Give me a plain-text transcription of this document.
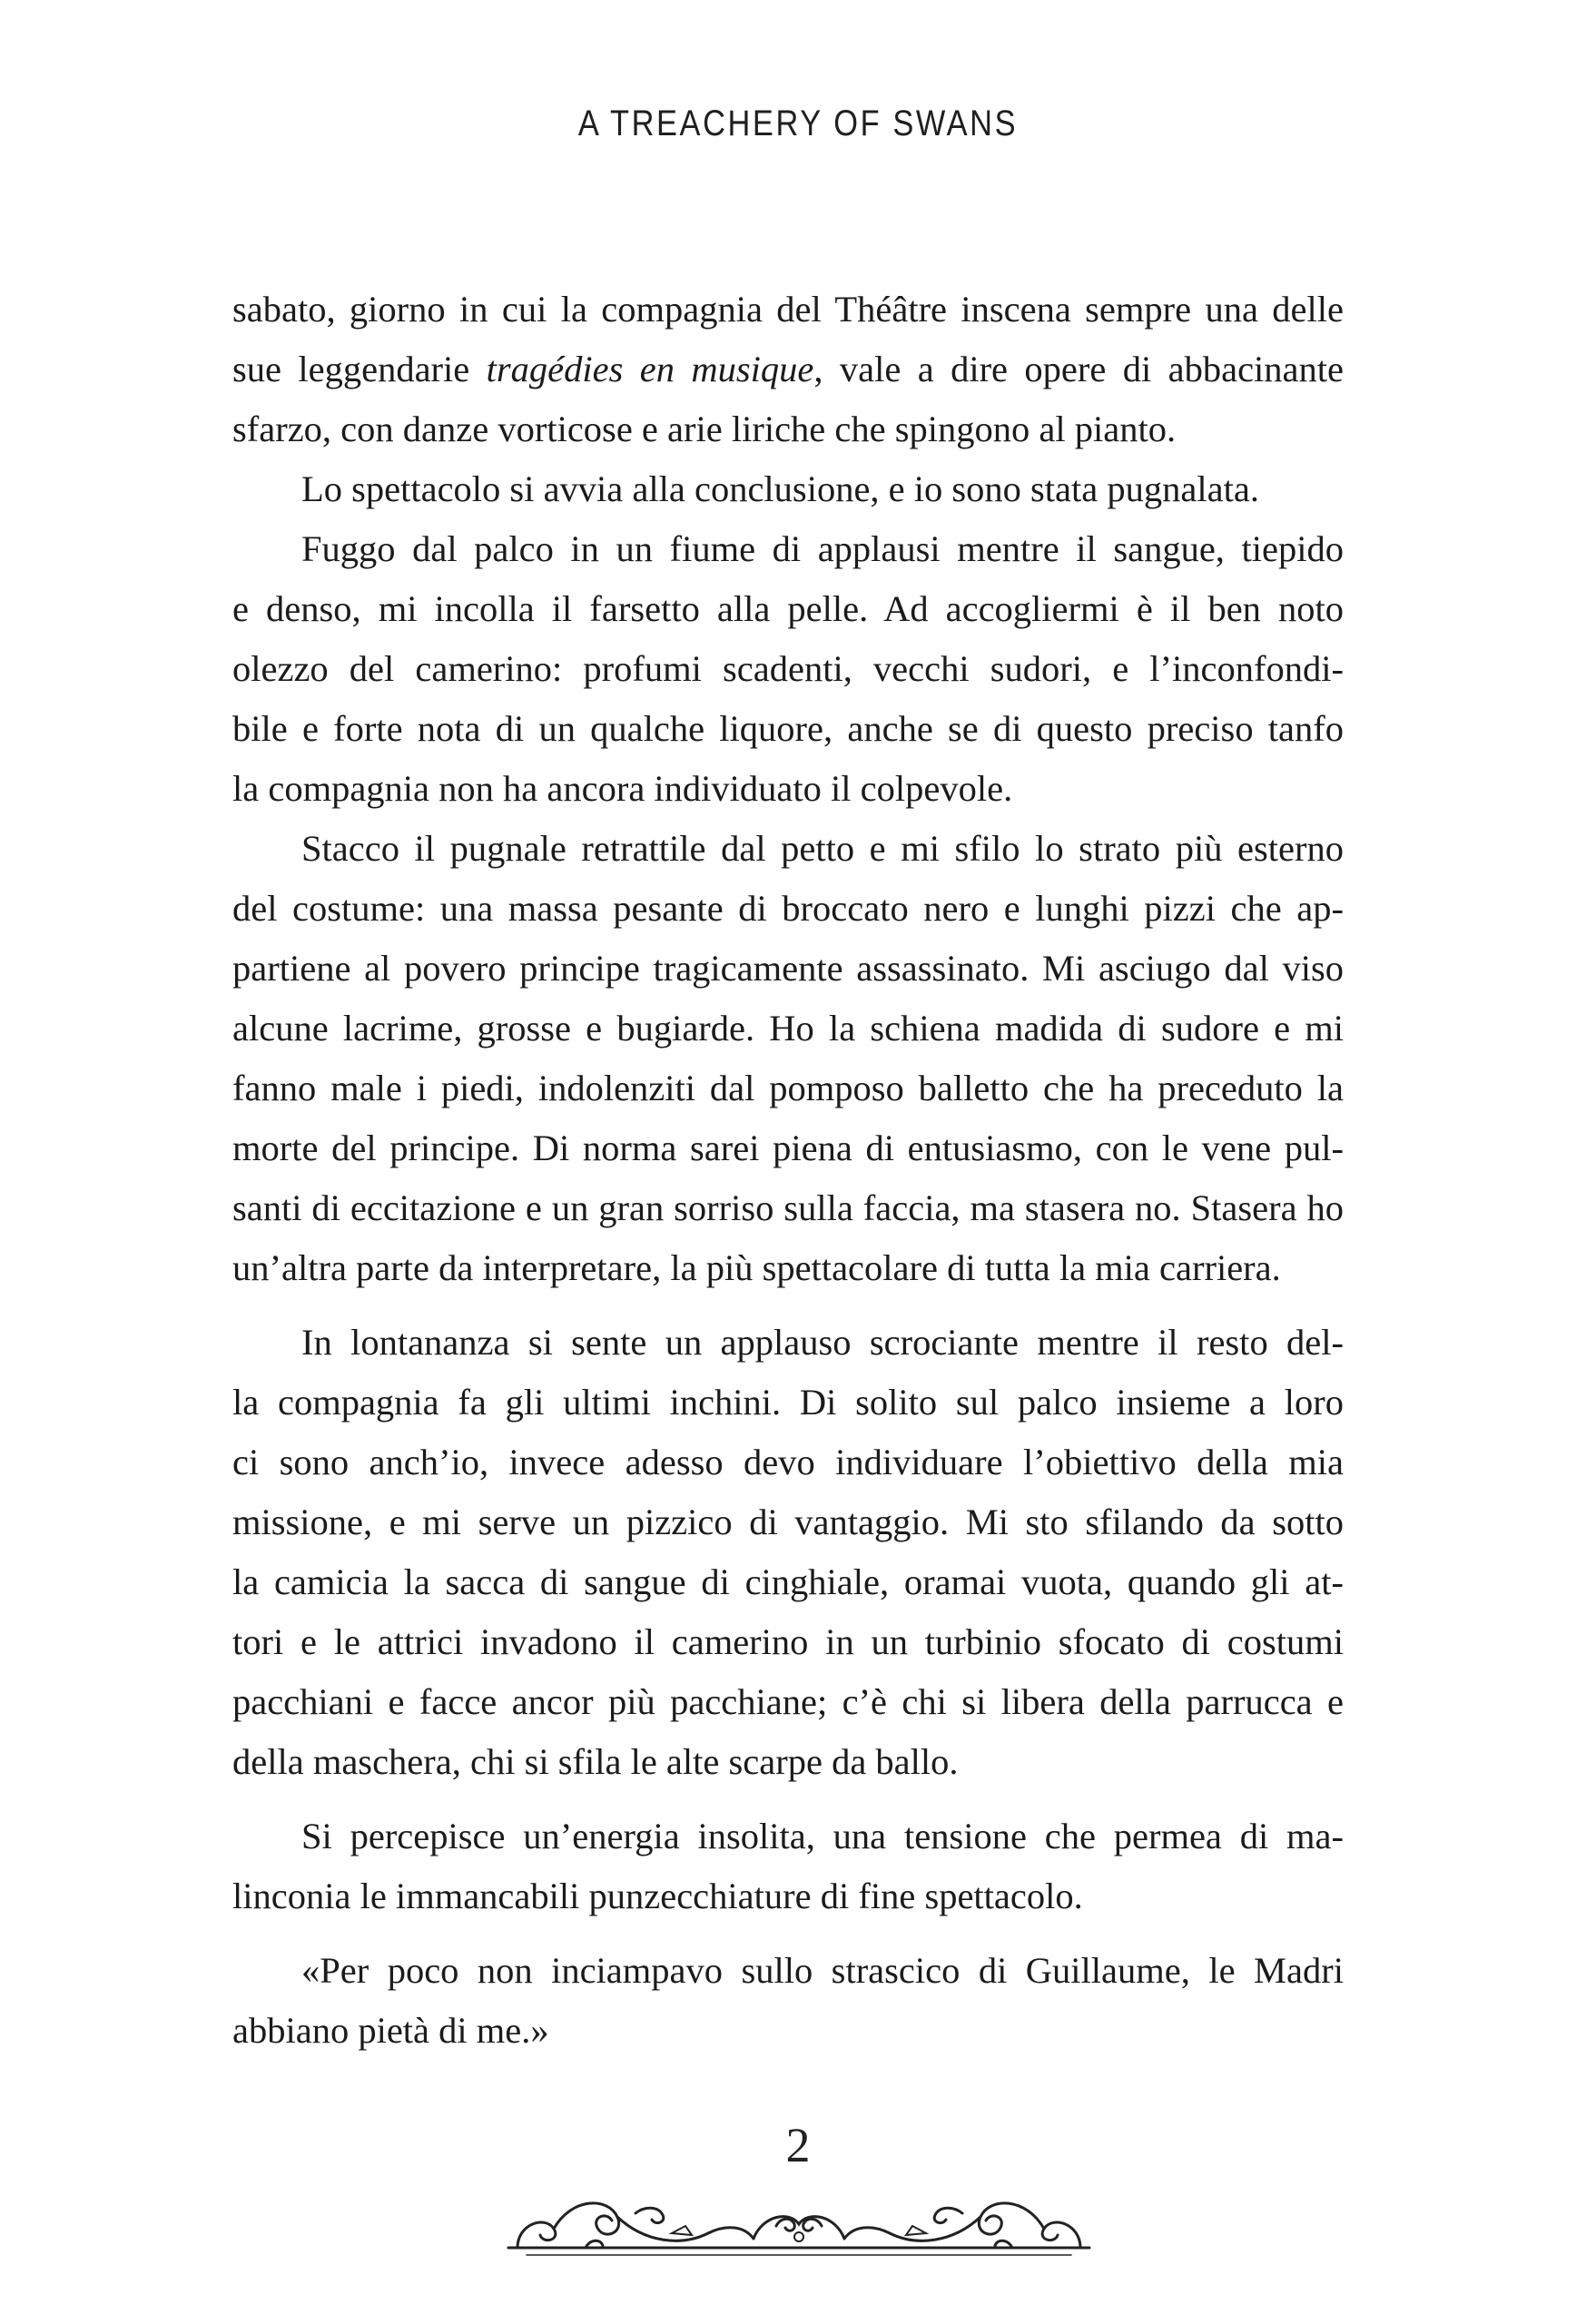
A TREACHERY OF SWANS
sabato, giorno in cui la compagnia del Théâtre inscena sempre una delle
sue leggendarie tragédies en musique, vale a dire opere di abbacinante
sfarzo, con danze vorticose e arie liriche che spingono al pianto.
Lo spettacolo si avvia alla conclusione, e io sono stata pugnalata.
Fuggo dal palco in un fiume di applausi mentre il sangue, tiepido
e denso, mi incolla il farsetto alla pelle. Ad accogliermi è il ben noto
olezzo del camerino: profumi scadenti, vecchi sudori, e l’inconfondi-
bile e forte nota di un qualche liquore, anche se di questo preciso tanfo
la compagnia non ha ancora individuato il colpevole.
Stacco il pugnale retrattile dal petto e mi sfilo lo strato più esterno
del costume: una massa pesante di broccato nero e lunghi pizzi che ap-
partiene al povero principe tragicamente assassinato. Mi asciugo dal viso
alcune lacrime, grosse e bugiarde. Ho la schiena madida di sudore e mi
fanno male i piedi, indolenziti dal pomposo balletto che ha preceduto la
morte del principe. Di norma sarei piena di entusiasmo, con le vene pul-
santi di eccitazione e un gran sorriso sulla faccia, ma stasera no. Stasera ho
un’altra parte da interpretare, la più spettacolare di tutta la mia carriera.
In lontananza si sente un applauso scrociante mentre il resto del-
la compagnia fa gli ultimi inchini. Di solito sul palco insieme a loro
ci sono anch’io, invece adesso devo individuare l’obiettivo della mia
missione, e mi serve un pizzico di vantaggio. Mi sto sfilando da sotto
la camicia la sacca di sangue di cinghiale, oramai vuota, quando gli at-
tori e le attrici invadono il camerino in un turbinio sfocato di costumi
pacchiani e facce ancor più pacchiane; c’è chi si libera della parrucca e
della maschera, chi si sfila le alte scarpe da ballo.
Si percepisce un’energia insolita, una tensione che permea di ma-
linconia le immancabili punzecchiature di fine spettacolo.
«Per poco non inciampavo sullo strascico di Guillaume, le Madri
abbiano pietà di me.»
2
